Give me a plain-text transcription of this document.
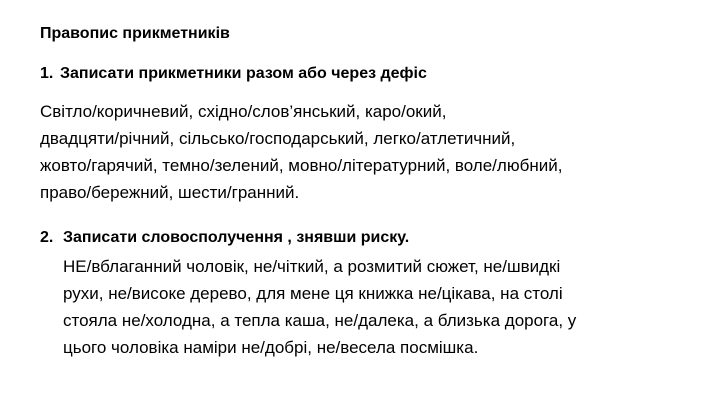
Правопис прикметників
1. Записати прикметники разом або через дефіс
Світло/коричневий, східно/слов’янський, каро/окий,
двадцяти/річний, сільсько/господарський, легко/атлетичний,
жовто/гарячий, темно/зелений, мовно/літературний, воле/любний,
право/бережний, шести/гранний.
2. Записати словосполучення , знявши риску.
НЕ/вблаганний чоловік, не/чіткий, а розмитий сюжет, не/швидкі
рухи, не/високе дерево, для мене ця книжка не/цікава, на столі
стояла не/холодна, а тепла каша, не/далека, а близька дорога, у
цього чоловіка наміри не/добрі, не/весела посмішка.
